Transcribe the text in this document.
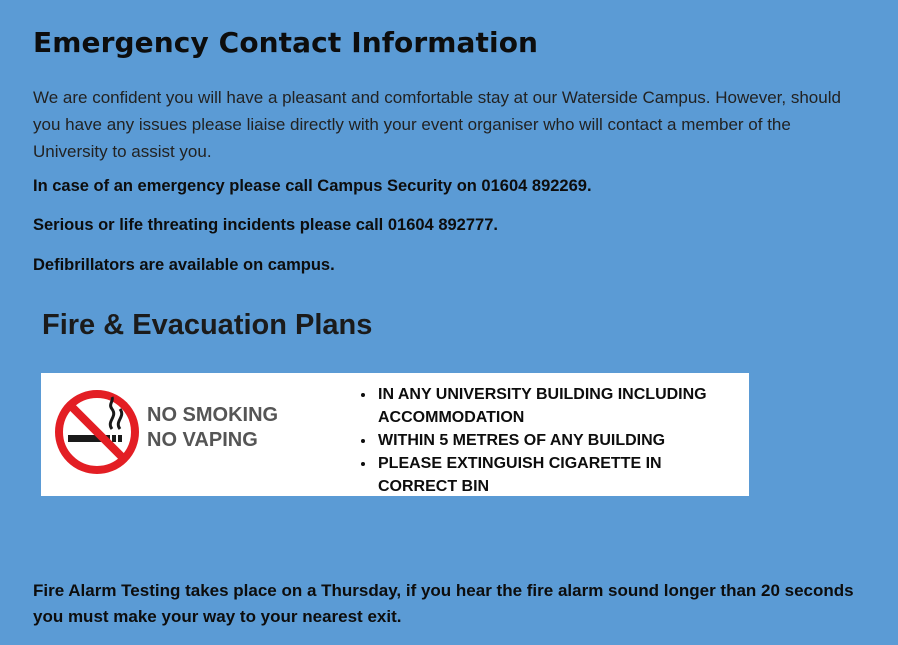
Emergency Contact Information

We are confident you will have a pleasant and comfortable stay at our Waterside Campus. However, should you have any issues please liaise directly with your event organiser who will contact a member of the University to assist you.

In case of an emergency please call Campus Security on 01604 892269.

Serious or life threating incidents please call 01604 892777.

Defibrillators are available on campus.

Fire & Evacuation Plans
NO SMOKING
NO VAPING
• IN ANY UNIVERSITY BUILDING INCLUDING ACCOMMODATION
• WITHIN 5 METRES OF ANY BUILDING
• PLEASE EXTINGUISH CIGARETTE IN CORRECT BIN

Fire Alarm Testing takes place on a Thursday, if you hear the fire alarm sound longer than 20 seconds you must make your way to your nearest exit.
